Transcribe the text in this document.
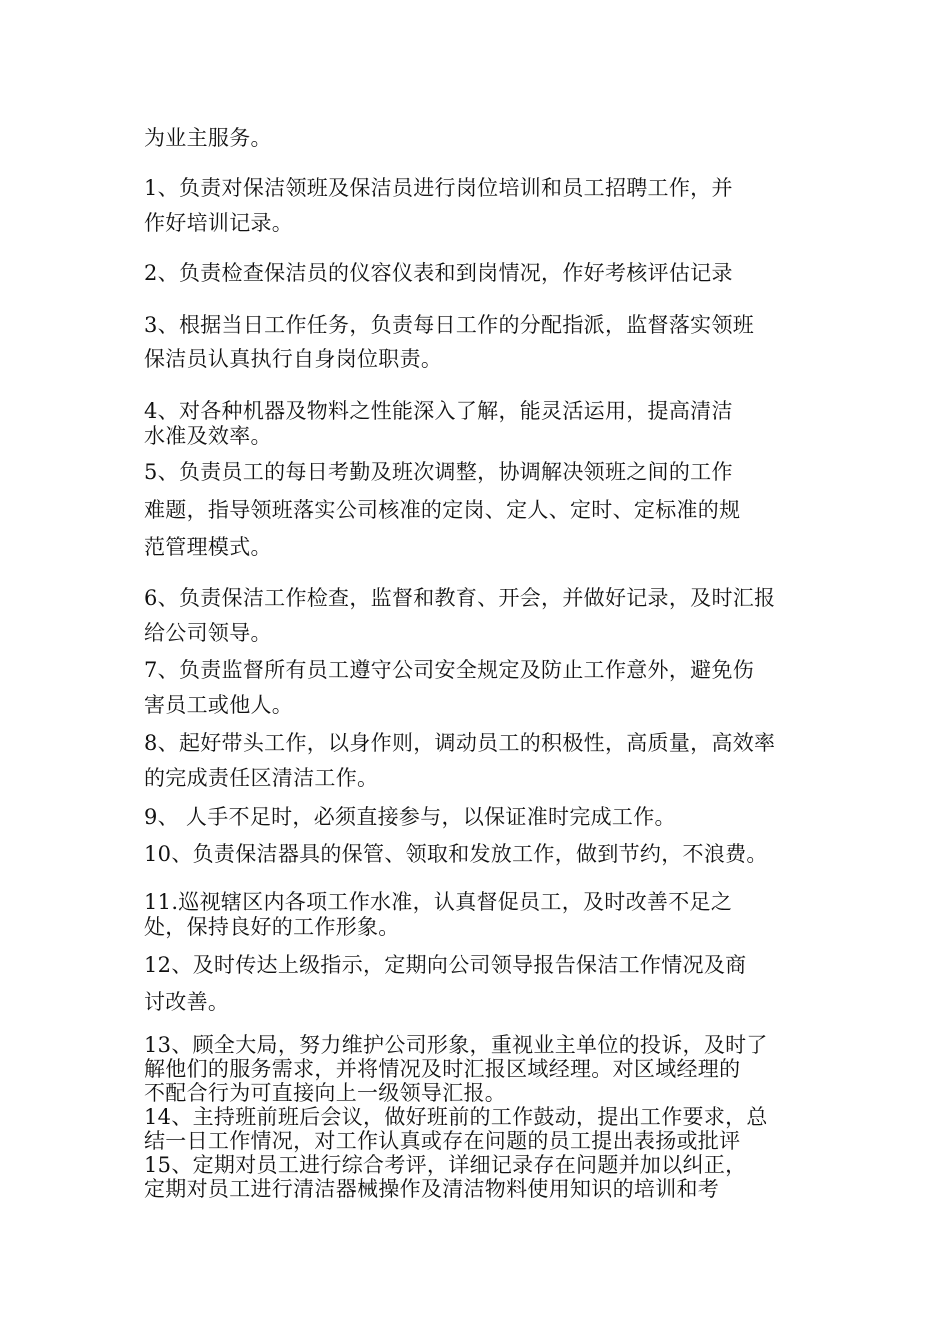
为业主服务。
1、负责对保洁领班及保洁员进行岗位培训和员工招聘工作，并
作好培训记录。
2、负责检查保洁员的仪容仪表和到岗情况，作好考核评估记录
3、根据当日工作任务，负责每日工作的分配指派，监督落实领班
保洁员认真执行自身岗位职责。
4、对各种机器及物料之性能深入了解，能灵活运用，提高清洁
水准及效率。
5、负责员工的每日考勤及班次调整，协调解决领班之间的工作
难题，指导领班落实公司核准的定岗、定人、定时、定标准的规
范管理模式。
6、负责保洁工作检查，监督和教育、开会，并做好记录，及时汇报
给公司领导。
7、负责监督所有员工遵守公司安全规定及防止工作意外，避免伤
害员工或他人。
8、起好带头工作，以身作则，调动员工的积极性，高质量，高效率
的完成责任区清洁工作。
9、 人手不足时，必须直接参与，以保证准时完成工作。
10、负责保洁器具的保管、领取和发放工作，做到节约，不浪费。
11.巡视辖区内各项工作水准，认真督促员工，及时改善不足之
处，保持良好的工作形象。
12、及时传达上级指示，定期向公司领导报告保洁工作情况及商
讨改善。
13、顾全大局，努力维护公司形象，重视业主单位的投诉，及时了
解他们的服务需求，并将情况及时汇报区域经理。对区域经理的
不配合行为可直接向上一级领导汇报。
14、主持班前班后会议，做好班前的工作鼓动，提出工作要求，总
结一日工作情况，对工作认真或存在问题的员工提出表扬或批评
15、定期对员工进行综合考评，详细记录存在问题并加以纠正，
定期对员工进行清洁器械操作及清洁物料使用知识的培训和考
